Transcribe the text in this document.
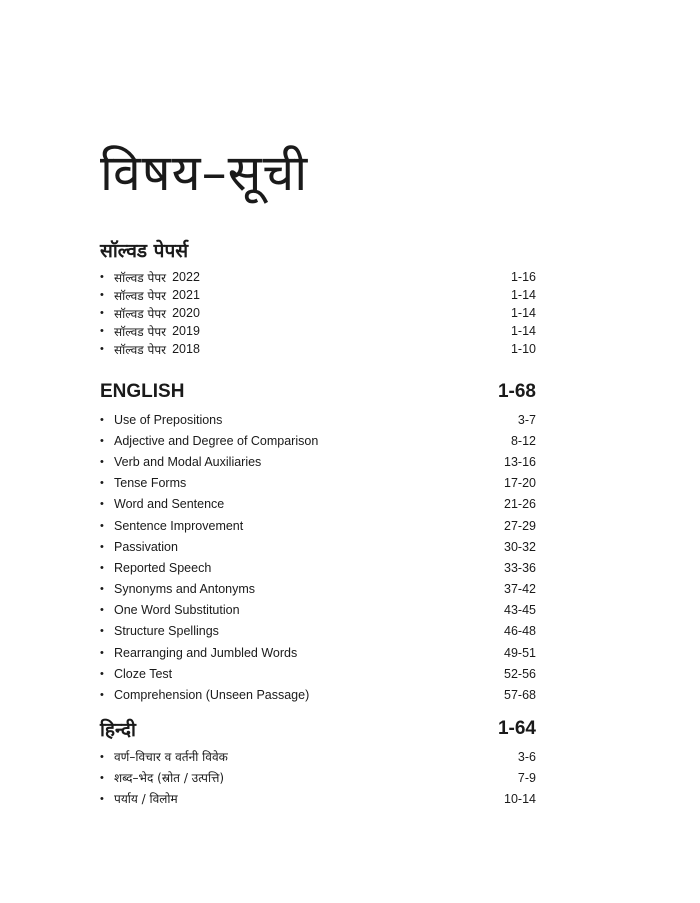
विषय–सूची
सॉल्वड पेपर्स
• सॉल्वड पेपर 2022	1-16
• सॉल्वड पेपर 2021	1-14
• सॉल्वड पेपर 2020	1-14
• सॉल्वड पेपर 2019	1-14
• सॉल्वड पेपर 2018	1-10
ENGLISH	1-68
• Use of Prepositions	3-7
• Adjective and Degree of Comparison	8-12
• Verb and Modal Auxiliaries	13-16
• Tense Forms	17-20
• Word and Sentence	21-26
• Sentence Improvement	27-29
• Passivation	30-32
• Reported Speech	33-36
• Synonyms and Antonyms	37-42
• One Word Substitution	43-45
• Structure Spellings	46-48
• Rearranging and Jumbled Words	49-51
• Cloze Test	52-56
• Comprehension (Unseen Passage)	57-68
हिन्दी	1-64
• वर्ण–विचार व वर्तनी विवेक	3-6
• शब्द–भेद (स्रोत / उत्पत्ति)	7-9
• पर्याय / विलोम	10-14
